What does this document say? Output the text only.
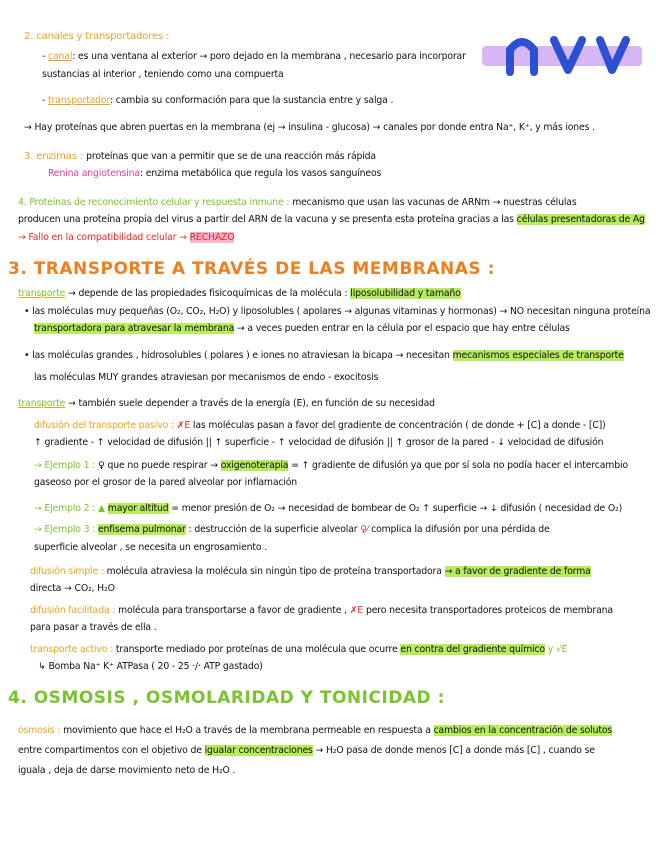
2. canales y transportadores :
- canal: es una ventana al exterior → poro dejado en la membrana , necesario para incorporar
sustancias al interior , teniendo como una compuerta
- transportador: cambia su conformación para que la sustancia entre y salga .
→ Hay proteínas que abren puertas en la membrana (ej → insulina - glucosa) → canales por donde entra Na⁺, K⁺, y más iones .
3. enzimas : proteínas que van a permitir que se de una reacción más rápida
Renina angiotensina: enzima metabólica que regula los vasos sanguíneos
4. Proteínas de reconocimiento celular y respuesta inmune : mecanismo que usan las vacunas de ARNm → nuestras células
producen una proteína propia del virus a partir del ARN de la vacuna y se presenta esta proteína gracias a las células presentadoras de Ag
→ Fallo en la compatibilidad celular → RECHAZO
3. TRANSPORTE A TRAVÉS DE LAS MEMBRANAS :
transporte → depende de las propiedades fisicoquímicas de la molécula : liposolubilidad y tamaño
• las moléculas muy pequeñas (O₂, CO₂, H₂O) y liposolubles ( apolares → algunas vitaminas y hormonas) → NO necesitan ninguna proteína
transportadora para atravesar la membrana → a veces pueden entrar en la célula por el espacio que hay entre células
• las moléculas grandes , hidrosolubles ( polares ) e iones no atraviesan la bicapa → necesitan mecanismos especiales de transporte
las moléculas MUY grandes atraviesan por mecanismos de endo - exocitosis
transporte → también suele depender a través de la energía (E), en función de su necesidad
difusión del transporte pasivo : ✗E las moléculas pasan a favor del gradiente de concentración ( de donde + [C] a donde - [C])
↑ gradiente - ↑ velocidad de difusión || ↑ superficie - ↑ velocidad de difusión || ↑ grosor de la pared - ↓ velocidad de difusión
→ Ejemplo 1 : ♀ que no puede respirar → oxigenoterapia = ↑ gradiente de difusión ya que por sí sola no podía hacer el intercambio
gaseoso por el grosor de la pared alveolar por inflamación
→ Ejemplo 2 : ▲ mayor altitud = menor presión de O₂ → necesidad de bombear de O₂ ↑ superficie → ↓ difusión ( necesidad de O₂)
→ Ejemplo 3 : enfisema pulmonar : destrucción de la superficie alveolar ♀⁄ complica la difusión por una pérdida de
superficie alveolar , se necesita un engrosamiento .
difusión simple : molécula atraviesa la molécula sin ningún tipo de proteína transportadora → a favor de gradiente de forma
directa → CO₂, H₂O
difusión facilitada : molécula para transportarse a favor de gradiente , ✗E pero necesita transportadores proteicos de membrana
para pasar a través de ella .
transporte activo : transporte mediado por proteínas de una molécula que ocurre en contra del gradiente químico y √E
↳ Bomba Na⁺ K⁺ ATPasa ( 20 - 25 ·/· ATP gastado)
4. OSMOSIS , OSMOLARIDAD Y TONICIDAD :
ósmosis : movimiento que hace el H₂O a través de la membrana permeable en respuesta a cambios en la concentración de solutos
entre compartimentos con el objetivo de igualar concentraciones → H₂O pasa de donde menos [C] a donde más [C] , cuando se
iguala , deja de darse movimiento neto de H₂O .
